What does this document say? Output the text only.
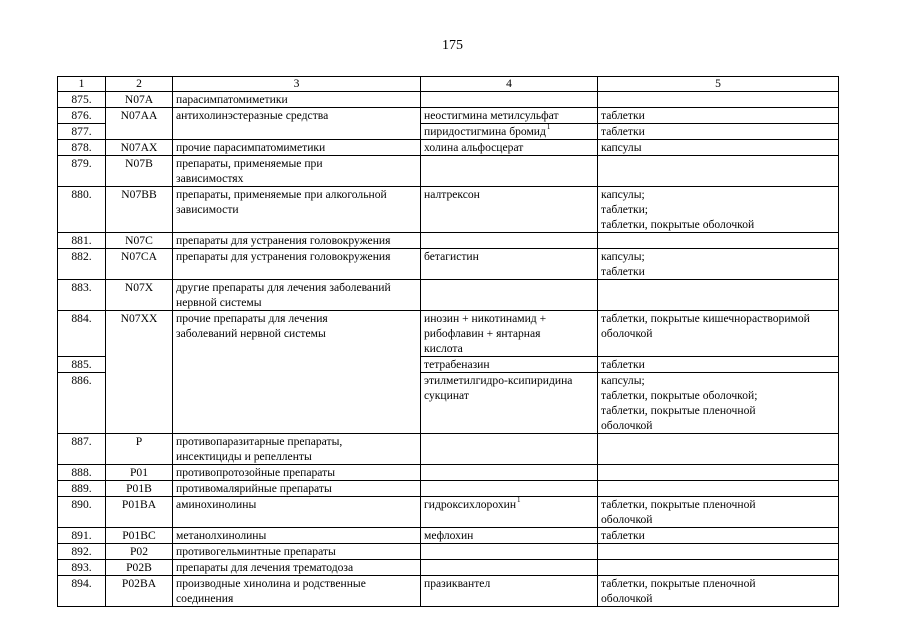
175
1	2	3	4	5
875.	N07A	парасимпатомиметики		

876.	N07AA	антихолинэстеразные средства	неостигмина метилсульфат	таблетки

877.			пиридостигмина бромид$^1$	таблетки

878.	N07AX	прочие парасимпатомиметики	холина альфосцерат	капсулы

879.	N07B	препараты, применяемые при
зависимостях		

880.	N07BB	препараты, применяемые при алкогольной
зависимости	налтрексон	капсулы;
таблетки;
таблетки, покрытые оболочкой

881.	N07C	препараты для устранения головокружения		

882.	N07CA	препараты для устранения головокружения	бетагистин	капсулы;
таблетки

883.	N07X	другие препараты для лечения заболеваний
нервной системы		

884.	N07XX	прочие препараты для лечения
заболеваний нервной системы	инозин + никотинамид +
рибофлавин + янтарная
кислота	таблетки, покрытые кишечнорастворимой
оболочкой

885.			тетрабеназин	таблетки

886.			этилметилгидро-ксипиридина
сукцинат	капсулы;
таблетки, покрытые оболочкой;
таблетки, покрытые пленочной
оболочкой

887.	P	противопаразитарные препараты,
инсектициды и репелленты		

888.	P01	противопротозойные препараты		

889.	P01B	противомалярийные препараты		

890.	P01BA	аминохинолины	гидроксихлорохин$^1$	таблетки, покрытые пленочной
оболочкой

891.	P01BC	метанолхинолины	мефлохин	таблетки

892.	P02	противогельминтные препараты		

893.	P02B	препараты для лечения трематодоза		

894.	P02BA	производные хинолина и родственные
соединения	празиквантел	таблетки, покрытые пленочной
оболочкой
